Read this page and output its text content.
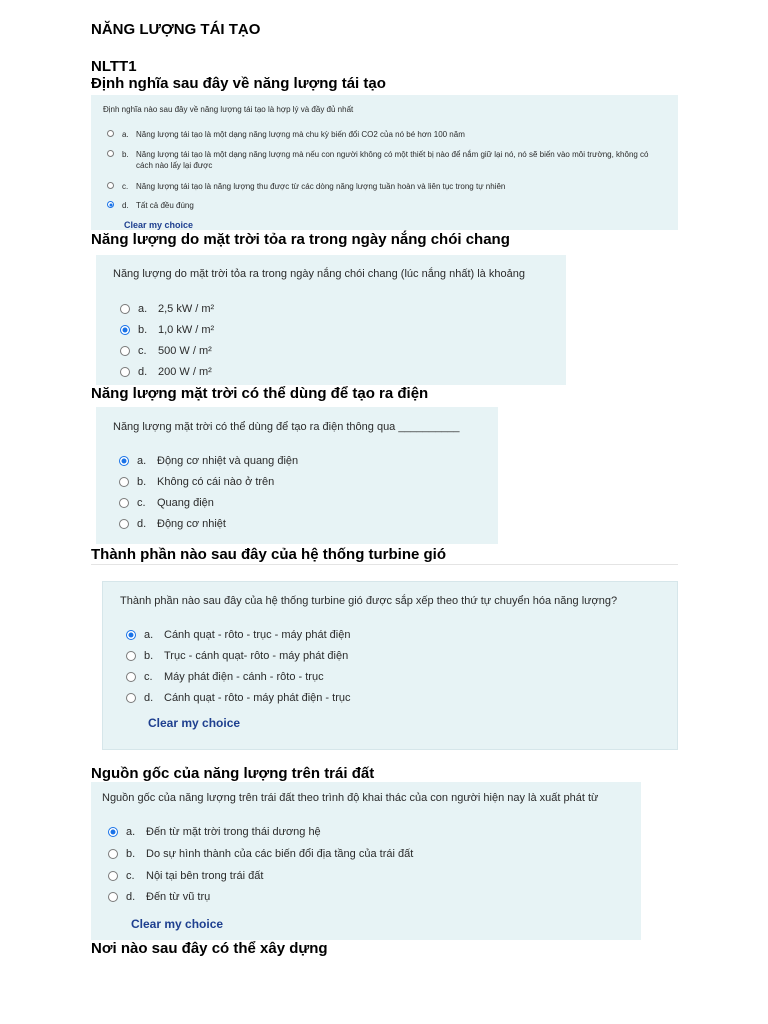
NĂNG LƯỢNG TÁI TẠO
NLTT1
Định nghĩa sau đây về năng lượng tái tạo
Định nghĩa nào sau đây về năng lượng tái tạo là hợp lý và đầy đủ nhất
a. Năng lượng tái tạo là một dạng năng lượng mà chu kỳ biến đổi CO2 của nó bé hơn 100 năm
b. Năng lượng tái tạo là một dạng năng lượng mà nếu con người không có một thiết bị nào để nắm giữ lại nó, nó sẽ biến vào môi trường, không có cách nào lấy lại được
c. Năng lượng tái tạo là năng lượng thu được từ các dòng năng lượng tuần hoàn và liên tục trong tự nhiên
d. Tất cả đều đúng
Clear my choice
Năng lượng do mặt trời tỏa ra trong ngày nắng chói chang
Năng lượng do mặt trời tỏa ra trong ngày nắng chói chang (lúc nắng nhất) là khoảng
a. 2,5 kW / m²
b. 1,0 kW / m²
c.	500 W / m²
d. 200 W / m²
Năng lượng mặt trời có thể dùng để tạo ra điện
Năng lượng mặt trời có thể dùng để tạo ra điện thông qua __________
a. Động cơ nhiệt và quang điện
b. Không có cái nào ở trên
c.	Quang điện
d. Động cơ nhiệt
Thành phần nào sau đây của hệ thống turbine gió
Thành phần nào sau đây của hệ thống turbine gió được sắp xếp theo thứ tự chuyển hóa năng lượng?
a. Cánh quạt - rôto - trục - máy phát điện
b. Trục - cánh quạt- rôto - máy phát điện
c.	Máy phát điện - cánh - rôto - trục
d. Cánh quạt - rôto - máy phát điện - trục
Clear my choice
Nguồn gốc của năng lượng trên trái đất
Nguồn gốc của năng lượng trên trái đất theo trình độ khai thác của con người hiện nay là xuất phát từ
a. Đến từ mặt trời trong thái dương hệ
b. Do sự hình thành của các biến đổi địa tầng của trái đất
c.	Nội tại bên trong trái đất
d. Đến từ vũ trụ
Clear my choice
Nơi nào sau đây có thể xây dựng
